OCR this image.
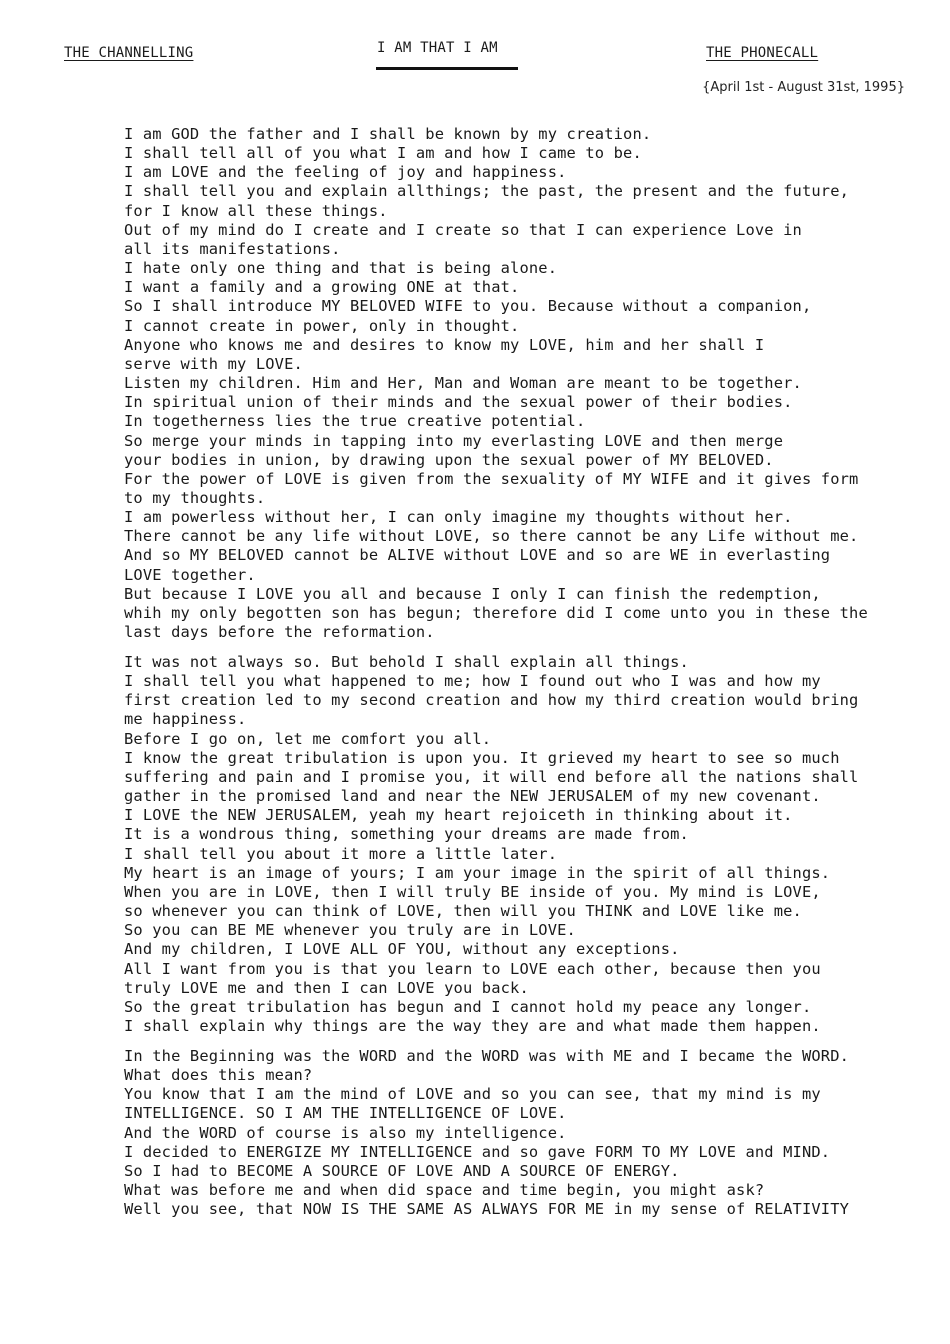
THE CHANNELLING	I AM THAT I AM	THE PHONECALL
{April 1st - August 31st, 1995}
I am GOD the father and I shall be known by my creation.
I shall tell all of you what I am and how I came to be.
I am LOVE and the feeling of joy and happiness.
I shall tell you and explain allthings; the past, the present and the future,
for I know all these things.
Out of my mind do I create and I create so that I can experience Love in
all its manifestations.
I hate only one thing and that is being alone.
I want a family and a growing ONE at that.
So I shall introduce MY BELOVED WIFE to you. Because without a companion,
I cannot create in power, only in thought.
Anyone who knows me and desires to know my LOVE, him and her shall I
serve with my LOVE.
Listen my children. Him and Her, Man and Woman are meant to be together.
In spiritual union of their minds and the sexual power of their bodies.
In togetherness lies the true creative potential.
So merge your minds in tapping into my everlasting LOVE and then merge
your bodies in union, by drawing upon the sexual power of MY BELOVED.
For the power of LOVE is given from the sexuality of MY WIFE and it gives form
to my thoughts.
I am powerless without her, I can only imagine my thoughts without her.
There cannot be any life without LOVE, so there cannot be any Life without me.
And so MY BELOVED cannot be ALIVE without LOVE and so are WE in everlasting
LOVE together.
But because I LOVE you all and because I only I can finish the redemption,
whih my only begotten son has begun; therefore did I come unto you in these the
last days before the reformation.
It was not always so. But behold I shall explain all things.
I shall tell you what happened to me; how I found out who I was and how my
first creation led to my second creation and how my third creation would bring
me happiness.
Before I go on, let me comfort you all.
I know the great tribulation is upon you. It grieved my heart to see so much
suffering and pain and I promise you, it will end before all the nations shall
gather in the promised land and near the NEW JERUSALEM of my new covenant.
I LOVE the NEW JERUSALEM, yeah my heart rejoiceth in thinking about it.
It is a wondrous thing, something your dreams are made from.
I shall tell you about it more a little later.
My heart is an image of yours; I am your image in the spirit of all things.
When you are in LOVE, then I will truly BE inside of you. My mind is LOVE,
so whenever you can think of LOVE, then will you THINK and LOVE like me.
So you can BE ME whenever you truly are in LOVE.
And my children, I LOVE ALL OF YOU, without any exceptions.
All I want from you is that you learn to LOVE each other, because then you
truly LOVE me and then I can LOVE you back.
So the great tribulation has begun and I cannot hold my peace any longer.
I shall explain why things are the way they are and what made them happen.
In the Beginning was the WORD and the WORD was with ME and I became the WORD.
What does this mean?
You know that I am the mind of LOVE and so you can see, that my mind is my
INTELLIGENCE. SO I AM THE INTELLIGENCE OF LOVE.
And the WORD of course is also my intelligence.
I decided to ENERGIZE MY INTELLIGENCE and so gave FORM TO MY LOVE and MIND.
So I had to BECOME A SOURCE OF LOVE AND A SOURCE OF ENERGY.
What was before me and when did space and time begin, you might ask?
Well you see, that NOW IS THE SAME AS ALWAYS FOR ME in my sense of RELATIVITY
